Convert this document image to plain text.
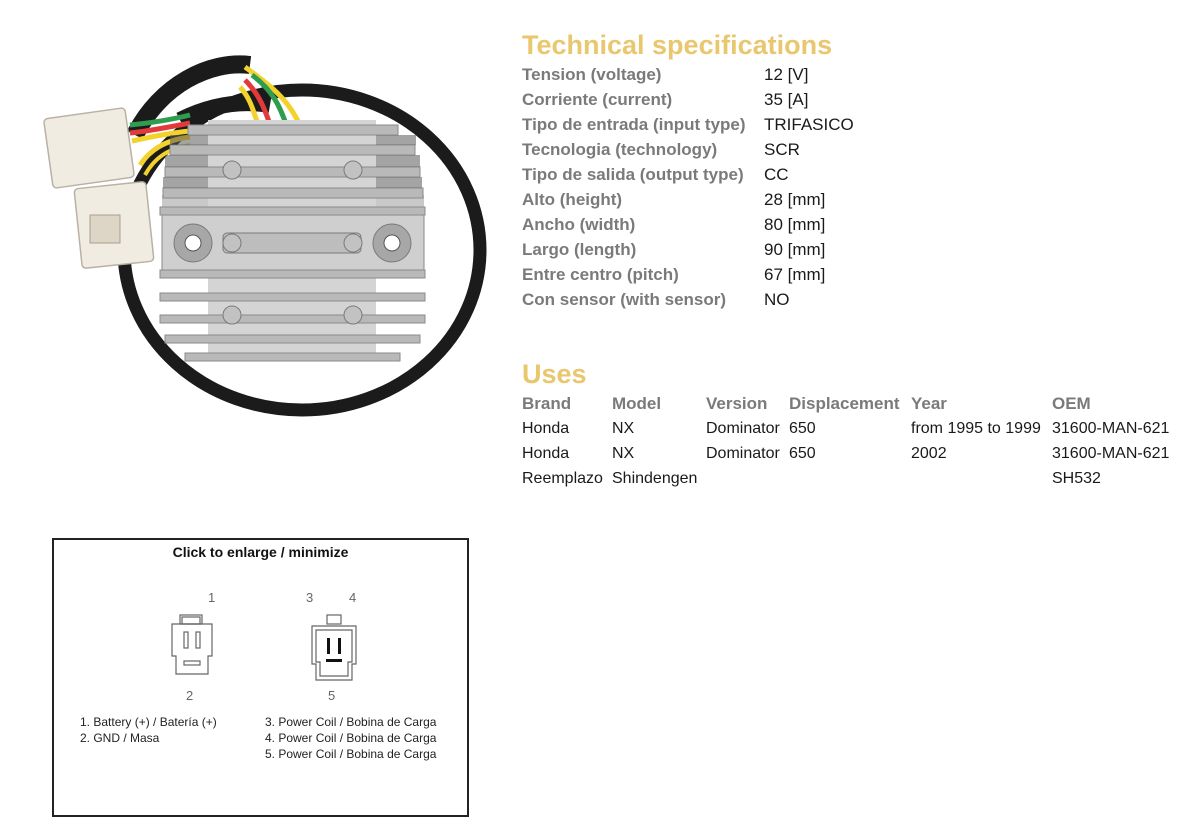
Technical specifications
Tension (voltage)	12 [V]
Corriente (current)	35 [A]
Tipo de entrada (input type)	TRIFASICO
Tecnologia (technology)	SCR
Tipo de salida (output type)	CC
Alto (height)	28 [mm]
Ancho (width)	80 [mm]
Largo (length)	90 [mm]
Entre centro (pitch)	67 [mm]
Con sensor (with sensor)	NO
Uses
Brand	Model	Version	Displacement	Year	OEM
Honda	NX	Dominator	650	from 1995 to 1999	31600-MAN-621
Honda	NX	Dominator	650	2002	31600-MAN-621
Reemplazo	Shindengen				SH532
Click to enlarge / minimize
1
2
3	4
5
1. Battery (+) / Batería (+)
2. GND / Masa
3. Power Coil / Bobina de Carga
4. Power Coil / Bobina de Carga
5. Power Coil / Bobina de Carga
